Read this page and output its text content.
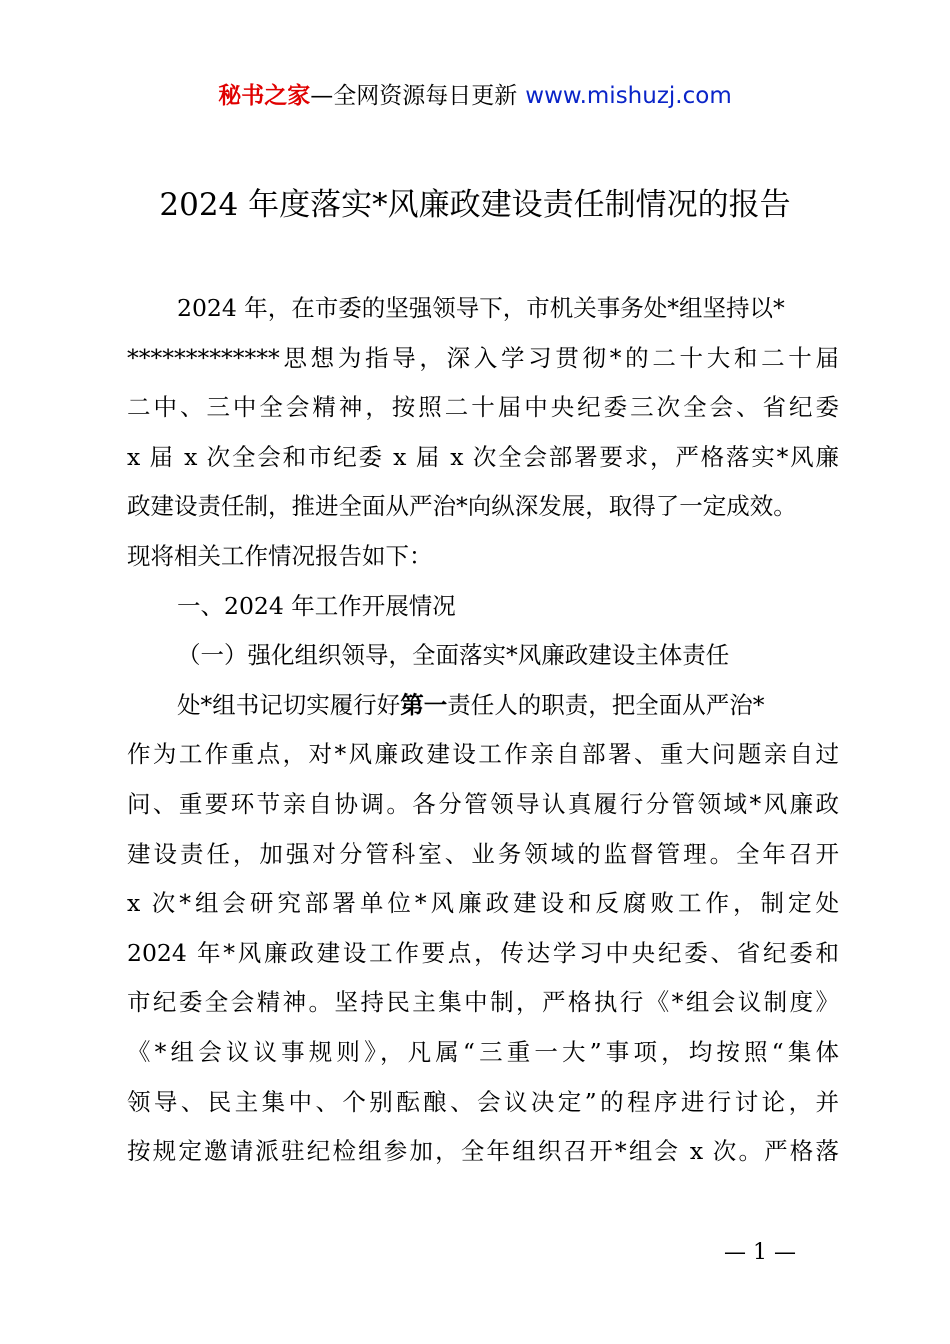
秘书之家—全网资源每日更新 www.mishuzj.com
2024 年度落实*风廉政建设责任制情况的报告
2024 年，在市委的坚强领导下，市机关事务处*组坚持以*
*************思想为指导，深入学习贯彻*的二十大和二十届
二中、三中全会精神，按照二十届中央纪委三次全会、省纪委
x 届 x 次全会和市纪委 x 届 x 次全会部署要求，严格落实*风廉
政建设责任制，推进全面从严治*向纵深发展，取得了一定成效。
现将相关工作情况报告如下：
一、2024 年工作开展情况
（一）强化组织领导，全面落实*风廉政建设主体责任
处*组书记切实履行好第一责任人的职责，把全面从严治*
作为工作重点，对*风廉政建设工作亲自部署、重大问题亲自过
问、重要环节亲自协调。各分管领导认真履行分管领域*风廉政
建设责任，加强对分管科室、业务领域的监督管理。全年召开
x 次*组会研究部署单位*风廉政建设和反腐败工作，制定处
2024 年*风廉政建设工作要点，传达学习中央纪委、省纪委和
市纪委全会精神。坚持民主集中制，严格执行《*组会议制度》
《*组会议议事规则》，凡属“三重一大”事项，均按照“集体
领导、民主集中、个别酝酿、会议决定”的程序进行讨论，并
按规定邀请派驻纪检组参加，全年组织召开*组会 x 次。严格落
— 1 —
